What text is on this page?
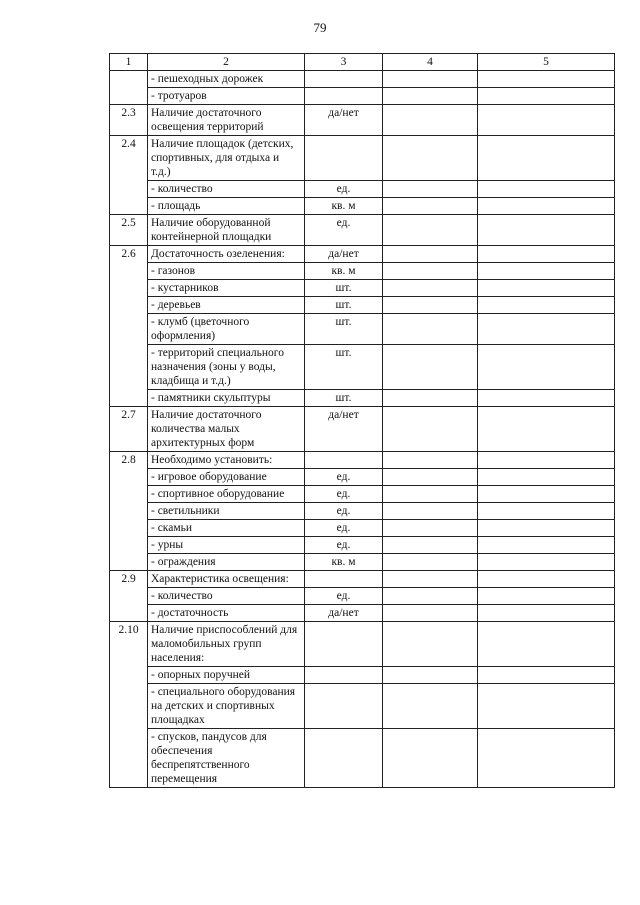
79
1	2	3	4	5
	- пешеходных дорожек			
	- тротуаров			
2.3	Наличие достаточного освещения территорий	да/нет		
2.4	Наличие площадок (детских, спортивных, для отдыха и т.д.)			
	- количество	ед.		
	- площадь	кв. м		
2.5	Наличие оборудованной контейнерной площадки	ед.		
2.6	Достаточность озеленения:	да/нет		
	- газонов	кв. м		
	- кустарников	шт.		
	- деревьев	шт.		
	- клумб (цветочного оформления)	шт.		
	- территорий специального назначения (зоны у воды, кладбища и т.д.)	шт.		
	- памятники скульптуры	шт.		
2.7	Наличие достаточного количества малых архитектурных форм	да/нет		
2.8	Необходимо установить:			
	- игровое оборудование	ед.		
	- спортивное оборудование	ед.		
	- светильники	ед.		
	- скамьи	ед.		
	- урны	ед.		
	- ограждения	кв. м		
2.9	Характеристика освещения:			
	- количество	ед.		
	- достаточность	да/нет		
2.10	Наличие приспособлений для маломобильных групп населения:			
	- опорных поручней			
	- специального оборудования на детских и спортивных площадках			
	- спусков, пандусов для обеспечения беспрепятственного перемещения			
